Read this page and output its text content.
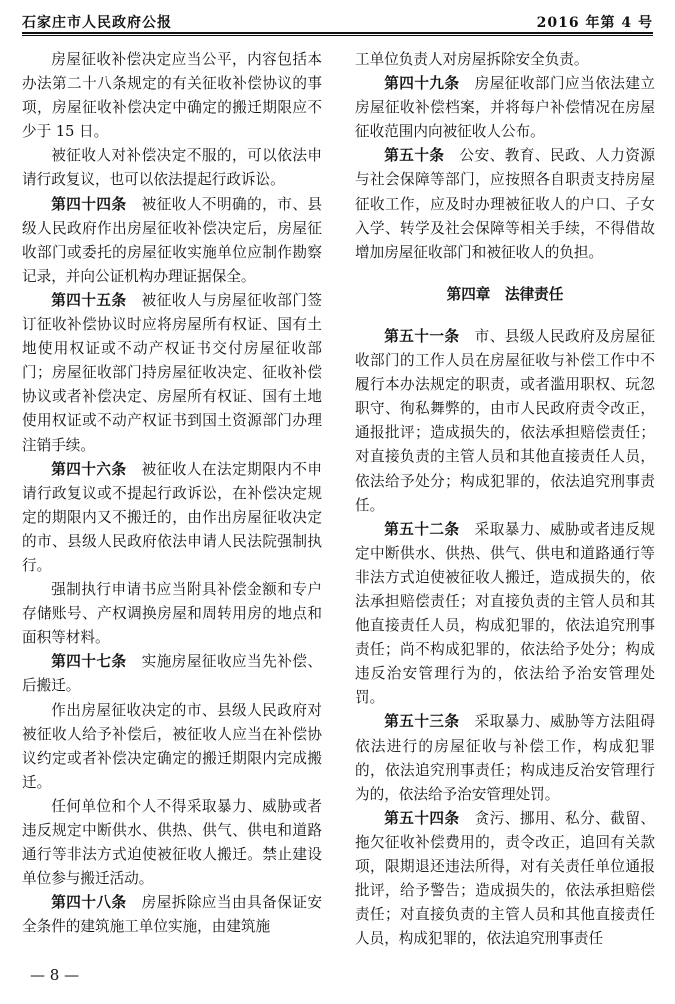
石家庄市人民政府公报	2016 年第 4 号

房屋征收补偿决定应当公平，内容包括本办法第二十八条规定的有关征收补偿协议的事项，房屋征收补偿决定中确定的搬迁期限应不少于 15 日。

被征收人对补偿决定不服的，可以依法申请行政复议，也可以依法提起行政诉讼。

第四十四条　 被征收人不明确的，市、县级人民政府作出房屋征收补偿决定后，房屋征收部门或委托的房屋征收实施单位应制作勘察记录，并向公证机构办理证据保全。

第四十五条　 被征收人与房屋征收部门签订征收补偿协议时应将房屋所有权证、国有土地使用权证或不动产权证书交付房屋征收部门；房屋征收部门持房屋征收决定、征收补偿协议或者补偿决定、房屋所有权证、国有土地使用权证或不动产权证书到国土资源部门办理注销手续。

第四十六条　 被征收人在法定期限内不申请行政复议或不提起行政诉讼，在补偿决定规定的期限内又不搬迁的，由作出房屋征收决定的市、县级人民政府依法申请人民法院强制执行。

强制执行申请书应当附具补偿金额和专户存储账号、产权调换房屋和周转用房的地点和面积等材料。

第四十七条　 实施房屋征收应当先补偿、后搬迁。

作出房屋征收决定的市、县级人民政府对被征收人给予补偿后，被征收人应当在补偿协议约定或者补偿决定确定的搬迁期限内完成搬迁。

任何单位和个人不得采取暴力、威胁或者违反规定中断供水、供热、供气、供电和道路通行等非法方式迫使被征收人搬迁。禁止建设单位参与搬迁活动。

第四十八条　 房屋拆除应当由具备保证安全条件的建筑施工单位实施，由建筑施

工单位负责人对房屋拆除安全负责。

第四十九条　 房屋征收部门应当依法建立房屋征收补偿档案，并将每户补偿情况在房屋征收范围内向被征收人公布。

第五十条　 公安、教育、民政、人力资源与社会保障等部门，应按照各自职责支持房屋征收工作，应及时办理被征收人的户口、子女入学、转学及社会保障等相关手续，不得借故增加房屋征收部门和被征收人的负担。

第四章　法律责任

第五十一条　 市、县级人民政府及房屋征收部门的工作人员在房屋征收与补偿工作中不履行本办法规定的职责，或者滥用职权、玩忽职守、徇私舞弊的，由市人民政府责令改正，通报批评；造成损失的，依法承担赔偿责任；对直接负责的主管人员和其他直接责任人员，依法给予处分；构成犯罪的，依法追究刑事责任。

第五十二条　 采取暴力、威胁或者违反规定中断供水、供热、供气、供电和道路通行等非法方式迫使被征收人搬迁，造成损失的，依法承担赔偿责任；对直接负责的主管人员和其他直接责任人员，构成犯罪的，依法追究刑事责任；尚不构成犯罪的，依法给予处分；构成违反治安管理行为的，依法给予治安管理处罚。

第五十三条　 采取暴力、威胁等方法阻碍依法进行的房屋征收与补偿工作，构成犯罪的，依法追究刑事责任；构成违反治安管理行为的，依法给予治安管理处罚。

第五十四条　 贪污、挪用、私分、截留、拖欠征收补偿费用的，责令改正，追回有关款项，限期退还违法所得，对有关责任单位通报批评，给予警告；造成损失的，依法承担赔偿责任；对直接负责的主管人员和其他直接责任人员，构成犯罪的，依法追究刑事责任

— 8 —
